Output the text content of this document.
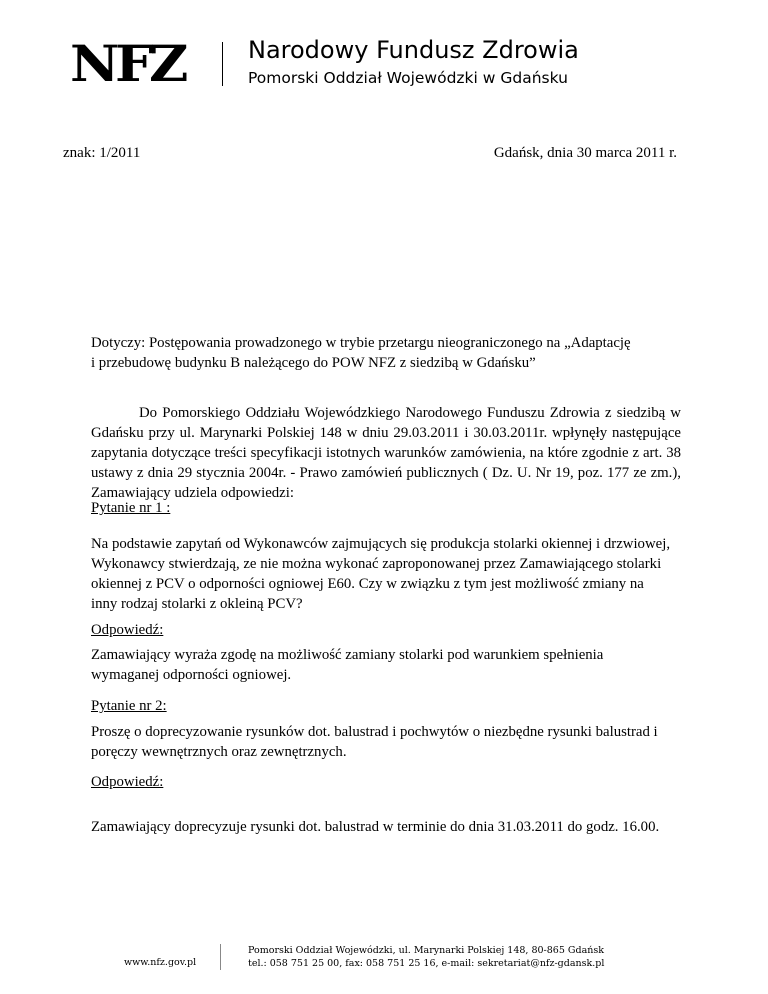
NFZ	Narodowy Fundusz Zdrowia
Pomorski Oddział Wojewódzki w Gdańsku
znak: 1/2011	Gdańsk, dnia 30 marca 2011 r.

Dotyczy: Postępowania prowadzonego w trybie przetargu nieograniczonego na „Adaptację

i przebudowę budynku B należącego do POW NFZ z siedzibą w Gdańsku”

Do Pomorskiego Oddziału Wojewódzkiego Narodowego Funduszu Zdrowia z siedzibą w Gdańsku przy ul. Marynarki Polskiej 148 w dniu 29.03.2011 i 30.03.2011r. wpłynęły następujące zapytania dotyczące treści specyfikacji istotnych warunków zamówienia, na które zgodnie z art. 38 ustawy z dnia 29 stycznia 2004r. - Prawo zamówień publicznych ( Dz. U. Nr 19, poz. 177 ze zm.), Zamawiający udziela odpowiedzi:

Pytanie nr 1 :
Na podstawie zapytań od Wykonawców zajmujących się produkcja stolarki okiennej i drzwiowej,
Wykonawcy stwierdzają, ze nie można wykonać zaproponowanej przez Zamawiającego stolarki
okiennej z PCV o odporności ogniowej E60. Czy w związku z tym jest możliwość zmiany na
inny rodzaj stolarki z okleiną PCV?
Odpowiedź:
Zamawiający wyraża zgodę na możliwość zamiany stolarki pod warunkiem spełnienia
wymaganej odporności ogniowej.
Pytanie nr 2:
Proszę o doprecyzowanie rysunków dot. balustrad i pochwytów o niezbędne rysunki balustrad i
poręczy wewnętrznych oraz zewnętrznych.
Odpowiedź:
Zamawiający doprecyzuje rysunki dot. balustrad w terminie do dnia 31.03.2011 do godz. 16.00.
www.nfz.gov.pl
Pomorski Oddział Wojewódzki, ul. Marynarki Polskiej 148, 80-865 Gdańsk
tel.: 058 751 25 00, fax: 058 751 25 16, e-mail: sekretariat@nfz-gdansk.pl
